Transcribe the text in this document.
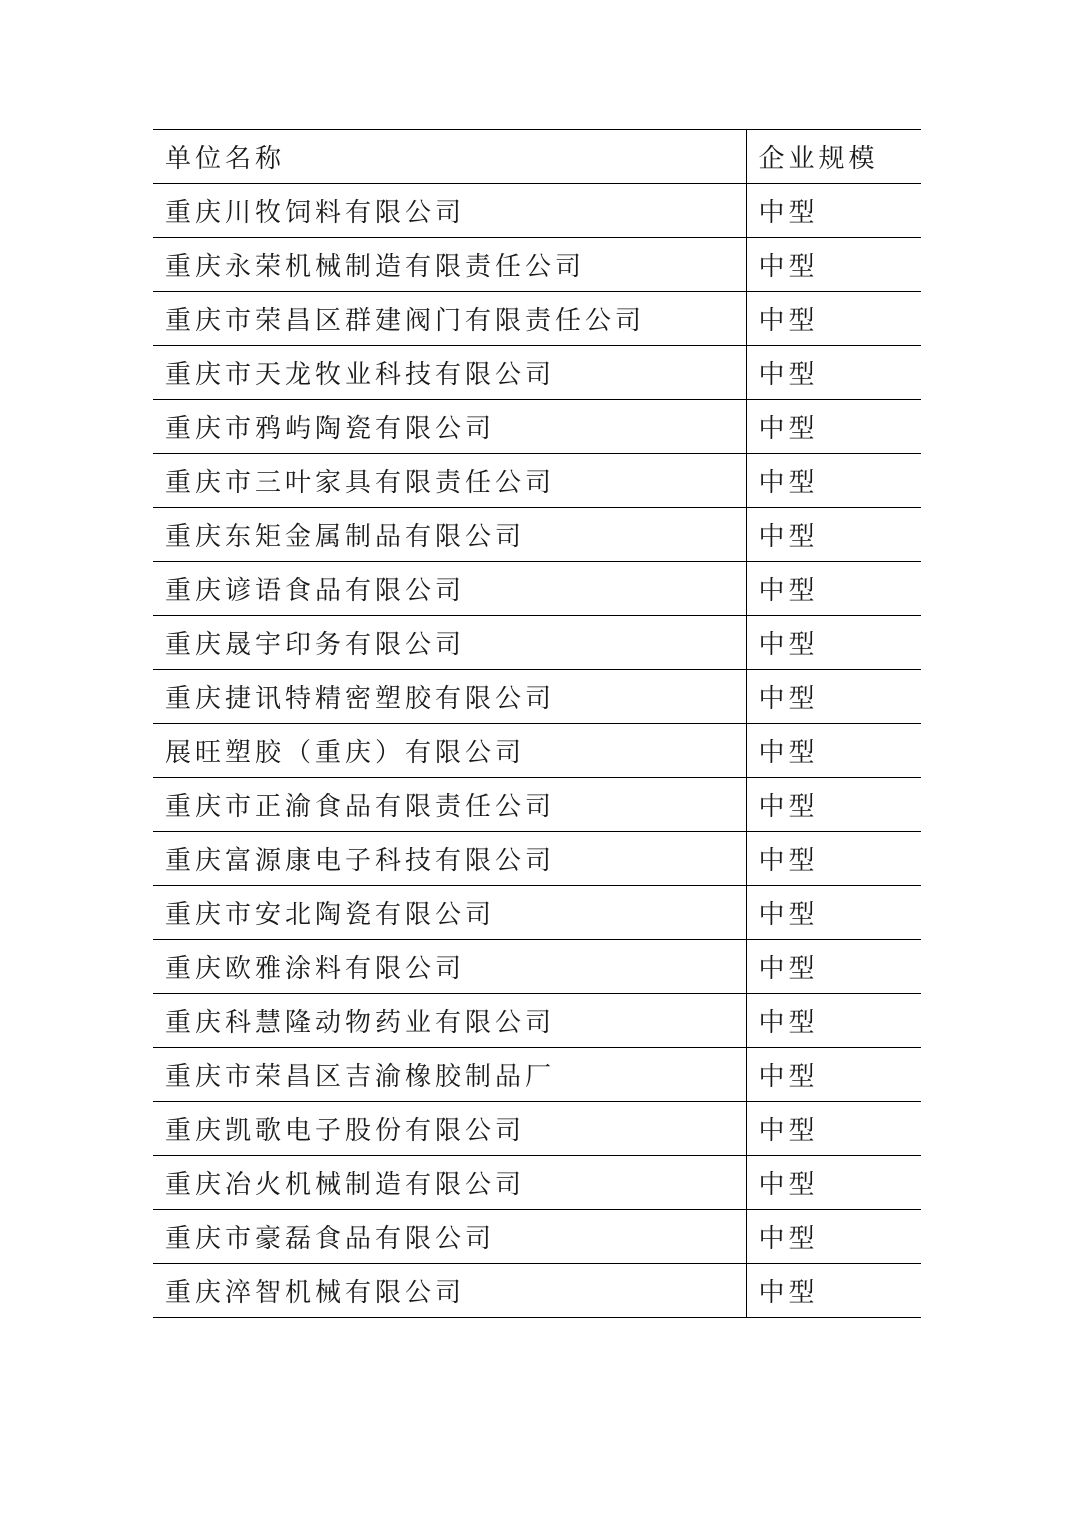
单位名称	企业规模
重庆川牧饲料有限公司	中型
重庆永荣机械制造有限责任公司	中型
重庆市荣昌区群建阀门有限责任公司	中型
重庆市天龙牧业科技有限公司	中型
重庆市鸦屿陶瓷有限公司	中型
重庆市三叶家具有限责任公司	中型
重庆东矩金属制品有限公司	中型
重庆谚语食品有限公司	中型
重庆晟宇印务有限公司	中型
重庆捷讯特精密塑胶有限公司	中型
展旺塑胶（重庆）有限公司	中型
重庆市正渝食品有限责任公司	中型
重庆富源康电子科技有限公司	中型
重庆市安北陶瓷有限公司	中型
重庆欧雅涂料有限公司	中型
重庆科慧隆动物药业有限公司	中型
重庆市荣昌区吉渝橡胶制品厂	中型
重庆凯歌电子股份有限公司	中型
重庆冶火机械制造有限公司	中型
重庆市豪磊食品有限公司	中型
重庆淬智机械有限公司	中型
